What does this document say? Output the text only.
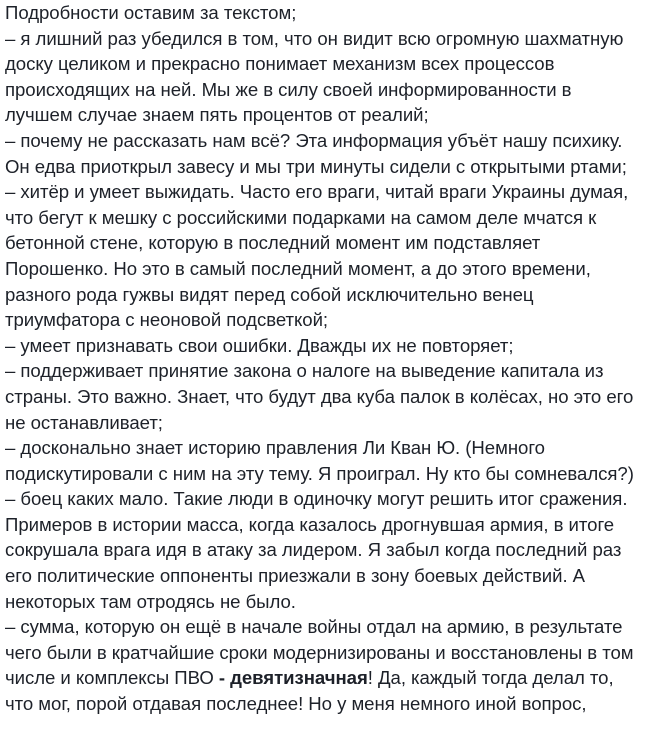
Подробности оставим за текстом;
– я лишний раз убедился в том, что он видит всю огромную шахматную
доску целиком и прекрасно понимает механизм всех процессов
происходящих на ней. Мы же в силу своей информированности в
лучшем случае знаем пять процентов от реалий;
– почему не рассказать нам всё? Эта информация убъёт нашу психику.
Он едва приоткрыл завесу и мы три минуты сидели с открытыми ртами;
– хитёр и умеет выжидать. Часто его враги, читай враги Украины думая,
что бегут к мешку с российскими подарками на самом деле мчатся к
бетонной стене, которую в последний момент им подставляет
Порошенко. Но это в самый последний момент, а до этого времени,
разного рода гужвы видят перед собой исключительно венец
триумфатора с неоновой подсветкой;
– умеет признавать свои ошибки. Дважды их не повторяет;
– поддерживает принятие закона о налоге на выведение капитала из
страны. Это важно. Знает, что будут два куба палок в колёсах, но это его
не останавливает;
– досконально знает историю правления Ли Кван Ю. (Немного
подискутировали с ним на эту тему. Я проиграл. Ну кто бы сомневался?)
– боец каких мало. Такие люди в одиночку могут решить итог сражения.
Примеров в истории масса, когда казалось дрогнувшая армия, в итоге
сокрушала врага идя в атаку за лидером. Я забыл когда последний раз
его политические оппоненты приезжали в зону боевых действий. А
некоторых там отродясь не было.
– сумма, которую он ещё в начале войны отдал на армию, в результате
чего были в кратчайшие сроки модернизированы и восстановлены в том
числе и комплексы ПВО - девятизначная! Да, каждый тогда делал то,
что мог, порой отдавая последнее! Но у меня немного иной вопрос,
